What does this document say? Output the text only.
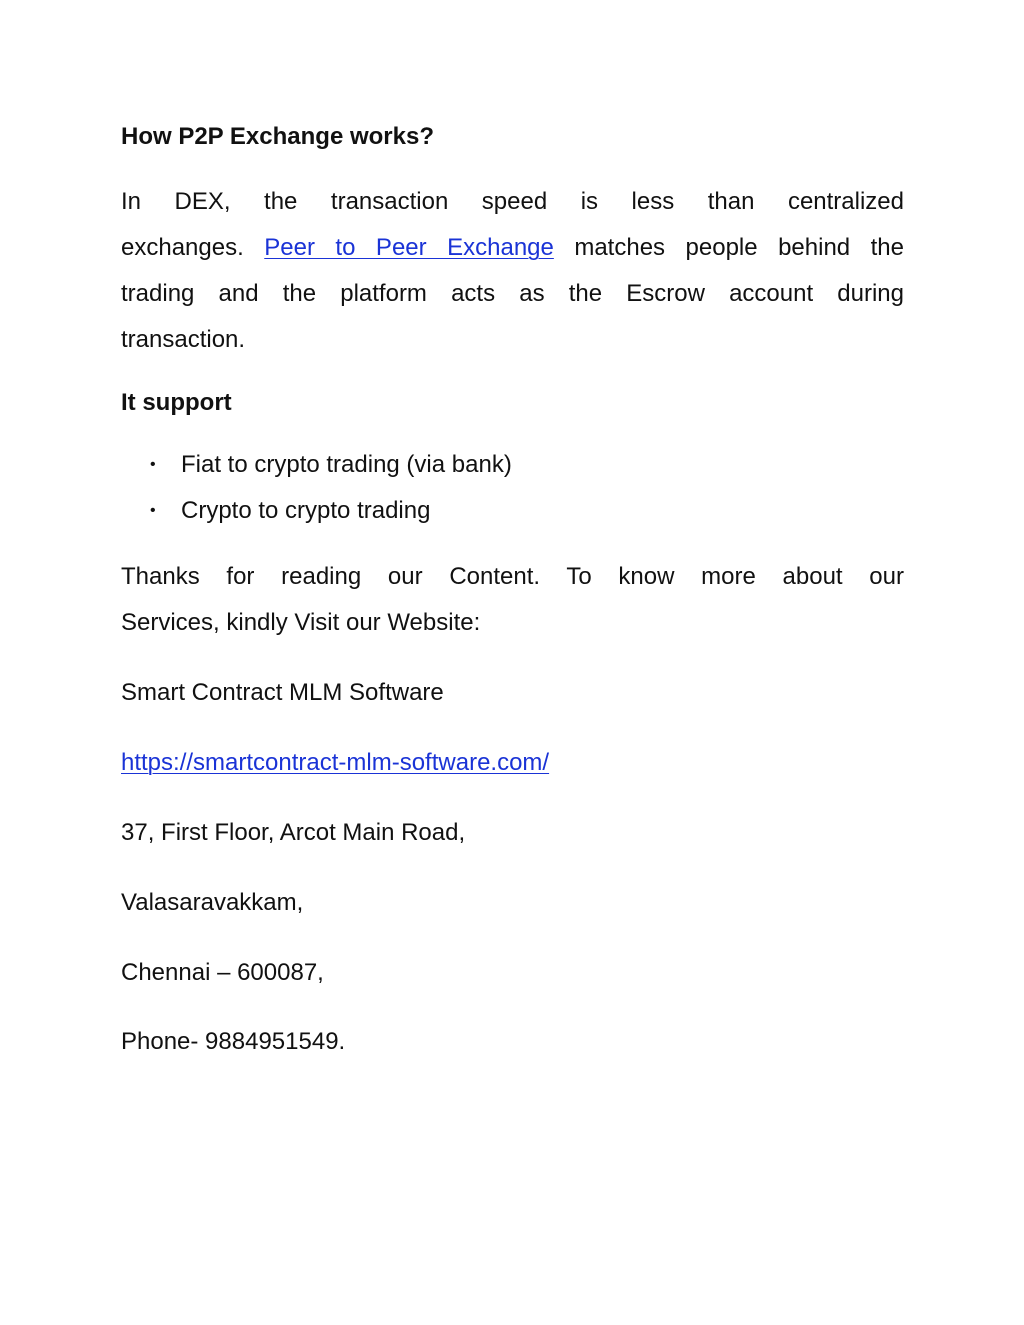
How P2P Exchange works?
In DEX, the transaction speed is less than centralized
exchanges. Peer to Peer Exchange matches people behind the
trading and the platform acts as the Escrow account during
transaction.
It support
• Fiat to crypto trading (via bank)
• Crypto to crypto trading
Thanks for reading our Content. To know more about our
Services, kindly Visit our Website:
Smart Contract MLM Software
https://smartcontract-mlm-software.com/
37, First Floor, Arcot Main Road,
Valasaravakkam,
Chennai – 600087,
Phone- 9884951549.
